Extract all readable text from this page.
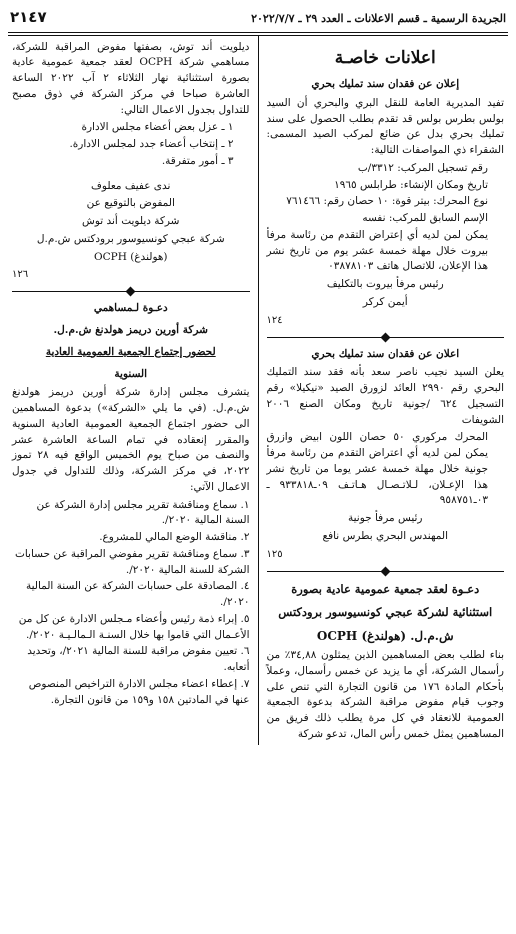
الجريدة الرسمية ـ قسم الاعلانات ـ العدد ٢٩ ـ ٢٠٢٢/٧/٧
٢١٤٧
اعلانات خاصـة
إعلان عن فقدان سند تمليك بحري

تفيد المديرية العامة للنقل البري والبحري أن السيد بولس بطرس بولس قد تقدم بطلب الحصول على سند تمليك بحري بدل عن ضائع لمركب الصيد المسمى: الشقراء ذي المواصفات التالية:

رقم تسجيل المركب: ٣٣١٢/ب
تاريخ ومكان الإنشاء: طرابلس ١٩٦٥
نوع المحرك: بيتر قوة: ١٠ حصان رقم: ٧٦١٤٦٦
الإسم السابق للمركب: نفسه

يمكن لمن لديه أي إعتراض التقدم من رئاسة مرفأ بيروت خلال مهلة خمسة عشر يوم من تاريخ نشر هذا الإعلان، للاتصال هاتف ٠٣٨٧٨١٠٣

رئيس مرفأ بيروت بالتكليف
أيمن كركر
١٢٤
اعلان عن فقدان سند تمليك بحري

يعلن السيد نجيب ناصر سعد بأنه فقد سند التمليك البحري رقم ٢٩٩٠ العائد لزورق الصيد «نيكيلا» رقم التسجيل ٦٢٤ /جونية تاريخ ومكان الصنع ٢٠٠٦ الشويفات

المحرك مركوري ٥٠ حصان اللون ابيض وازرق يمكن لمن لديه أي اعتراض التقدم من رئاسة مرفأ جونية خلال مهلة خمسة عشر يوما من تاريخ نشر هذا الإعـلان، لـلاتـصـال هـاتـف ٠٩ـ٩٣٣٨١٨ ـ ٠٣ـ٩٥٨٧٥١

رئيس مرفأ جونية
المهندس البحري بطرس نافع
١٢٥
دعـوة لعقد جمعية عمومية عادية بصورة
استثنائية لشركة عبجي كونسيوسور برودكتس
ش.م.ل. (هولندغ) OCPH

بناء لطلب بعض المساهمين الذين يمثلون ٣٤,٨٨٪ من رأسمال الشركة، أي ما يزيد عن خمس رأسمال، وعملاً بأحكام المادة ١٧٦ من قانون التجارة التي تنص على وجوب قيام مفوض مراقبة الشركة بدعوة الجمعية العمومية للانعقاد في كل مرة يطلب ذلك فريق من المساهمين يمثل خمس رأس المال، تدعو شركة

ديلويت أند توش، بصفتها مفوض المراقبة للشركة، مساهمي شركة OCPH لعقد جمعية عمومية عادية بصورة استثنائية نهار الثلاثاء ٢ آب ٢٠٢٢ الساعة العاشرة صباحا في مركز الشركة في ذوق مصبح للتداول بجدول الاعمال التالي:

١ ـ عزل بعض أعضاء مجلس الادارة
٢ ـ إنتخاب أعضاء جدد لمجلس الادارة.
٣ ـ أمور متفرقة.
ندى عفيف معلوف
المفوض بالتوقيع عن
شركة ديلويت أند توش
شركة عبجي كونسيوسور برودكتس ش.م.ل
(هولندغ) OCPH
١٢٦
دعـوة لـمساهمي
شركة أورين دريمز هولدنغ ش.م.ل.
لحضور إجتماع الجمعية العمومية العادية
السنوية

يتشرف مجلس إدارة شركة أورين دريمز هولدنغ ش.م.ل. (في ما يلي «الشركة») بدعوة المساهمين الى حضور اجتماع الجمعية العمومية العادية السنوية والمقرر إنعقاده في تمام الساعة العاشرة عشر والنصف من صباح يوم الخميس الواقع فيه ٢٨ تموز ٢٠٢٢، في مركز الشركة، وذلك للتداول في جدول الاعمال الآتي:

١. سماع ومناقشة تقرير مجلس إدارة الشركة عن السنة المالية ٢٠٢٠/.
٢. مناقشة الوضع المالي للمشروع.
٣. سماع ومناقشة تقرير مفوضي المراقبة عن حسابات الشركة للسنة المالية ٢٠٢٠/.
٤. المصادقة على حسابات الشركة عن السنة المالية ٢٠٢٠/.
٥. إبراء ذمة رئيس وأعضاء مـجلس الادارة عن كل من الأعـمال التي قاموا بها خلال السنـة الـمالـيـة ٢٠٢٠/.
٦. تعيين مفوض مراقبة للسنة المالية ٢٠٢١/، وتحديد أتعابه.
٧. إعطاء اعضاء مجلس الادارة التراخيص المنصوص عنها في المادتين ١٥٨ و١٥٩ من قانون التجارة.
